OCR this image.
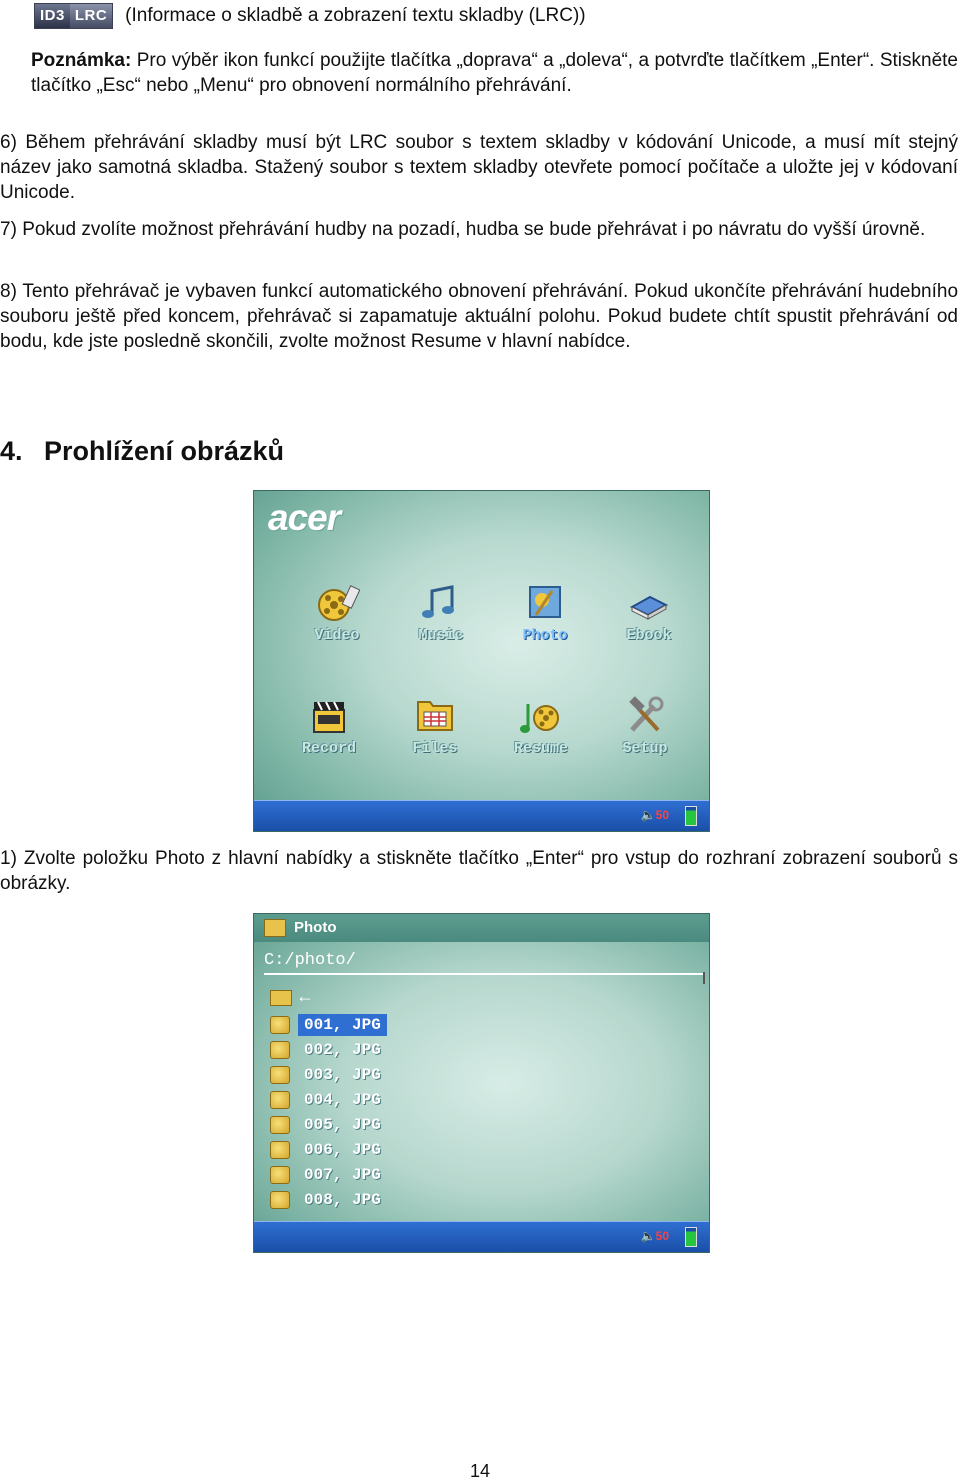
ID3 LRC (Informace o skladbě a zobrazení textu skladby (LRC))

Poznámka: Pro výběr ikon funkcí použijte tlačítka „doprava“ a „doleva“, a potvrďte tlačítkem „Enter“. Stiskněte tlačítko „Esc“ nebo „Menu“ pro obnovení normálního přehrávání.

6) Během přehrávání skladby musí být LRC soubor s textem skladby v kódování Unicode, a musí mít stejný název jako samotná skladba. Stažený soubor s textem skladby otevřete pomocí počítače a uložte jej v kódovaní Unicode.

7) Pokud zvolíte možnost přehrávání hudby na pozadí, hudba se bude přehrávat i po návratu do vyšší úrovně.

8) Tento přehrávač je vybaven funkcí automatického obnovení přehrávání. Pokud ukončíte přehrávání hudebního souboru ještě před koncem, přehrávač si zapamatuje aktuální polohu. Pokud budete chtít spustit přehrávání od bodu, kde jste posledně skončili, zvolte možnost Resume v hlavní nabídce.

4. Prohlížení obrázků
acer
Video	Music	Photo	Ebook
Record	Files	Resume	Setup
🔈50

1) Zvolte položku Photo z hlavní nabídky a stiskněte tlačítko „Enter“ pro vstup do rozhraní zobrazení souborů s obrázky.

Photo
C:/photo/
←
001, JPG
002, JPG
003, JPG
004, JPG
005, JPG
006, JPG
007, JPG
008, JPG
🔈50
14
